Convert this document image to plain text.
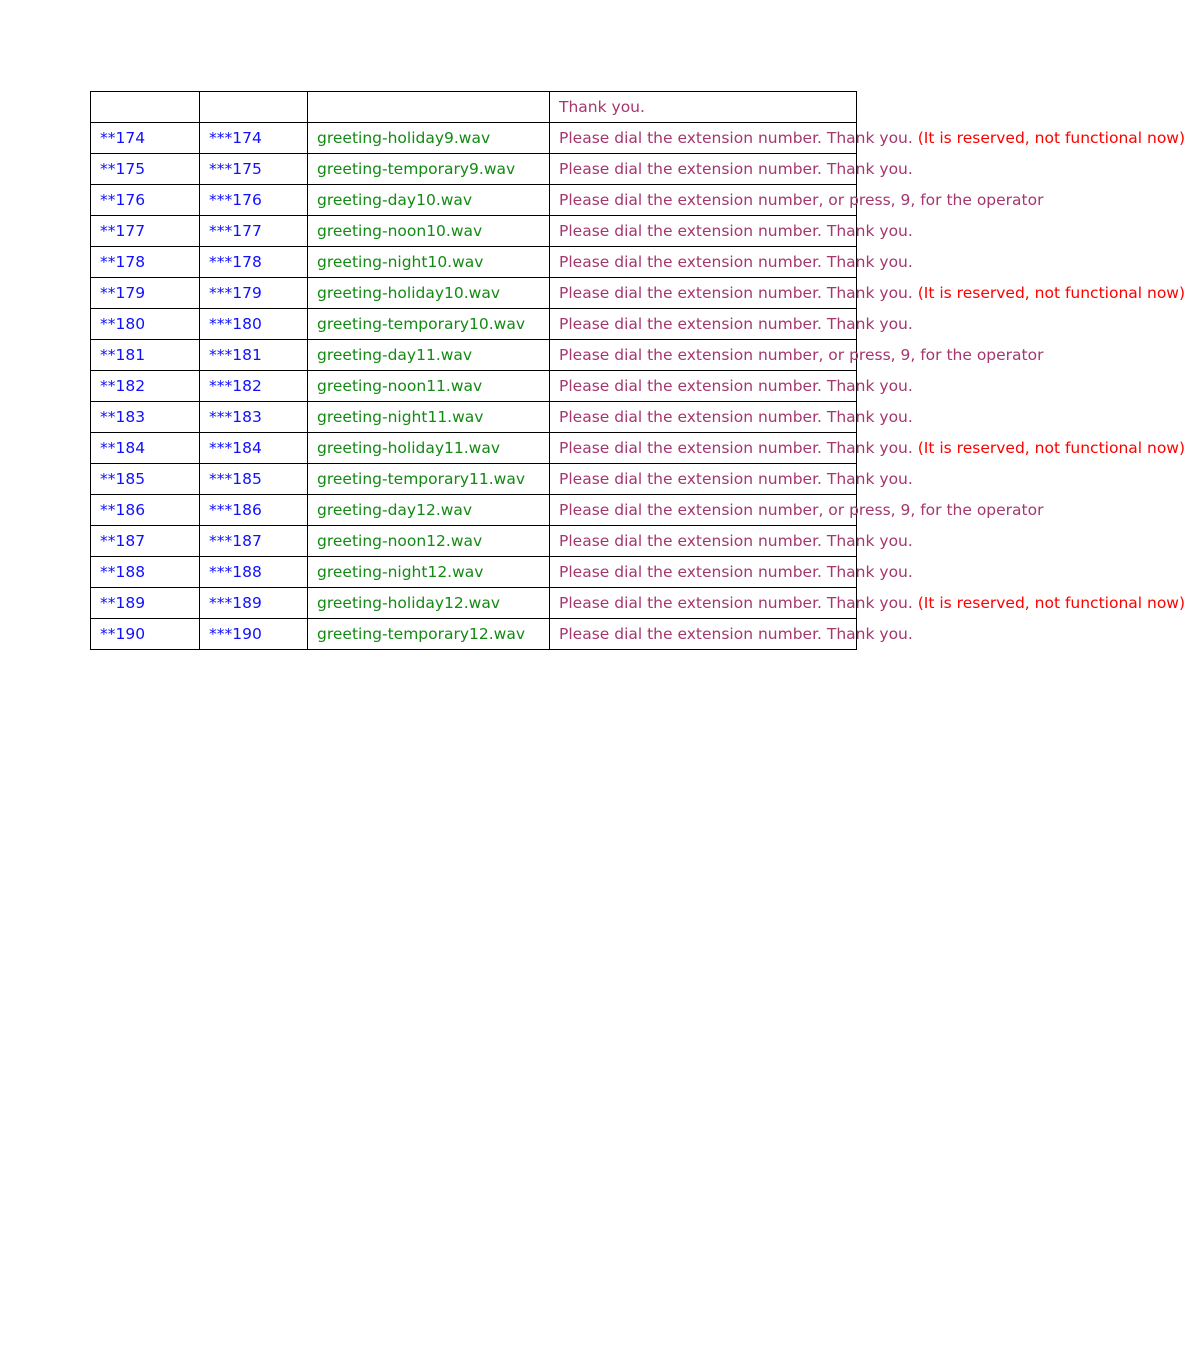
			Thank you.
**174	***174	greeting-holiday9.wav	Please dial the extension number. Thank you. (It is reserved, not functional now)
**175	***175	greeting-temporary9.wav	Please dial the extension number. Thank you.
**176	***176	greeting-day10.wav	Please dial the extension number, or press, 9, for the operator
**177	***177	greeting-noon10.wav	Please dial the extension number. Thank you.
**178	***178	greeting-night10.wav	Please dial the extension number. Thank you.
**179	***179	greeting-holiday10.wav	Please dial the extension number. Thank you. (It is reserved, not functional now)
**180	***180	greeting-temporary10.wav	Please dial the extension number. Thank you.
**181	***181	greeting-day11.wav	Please dial the extension number, or press, 9, for the operator
**182	***182	greeting-noon11.wav	Please dial the extension number. Thank you.
**183	***183	greeting-night11.wav	Please dial the extension number. Thank you.
**184	***184	greeting-holiday11.wav	Please dial the extension number. Thank you. (It is reserved, not functional now)
**185	***185	greeting-temporary11.wav	Please dial the extension number. Thank you.
**186	***186	greeting-day12.wav	Please dial the extension number, or press, 9, for the operator
**187	***187	greeting-noon12.wav	Please dial the extension number. Thank you.
**188	***188	greeting-night12.wav	Please dial the extension number. Thank you.
**189	***189	greeting-holiday12.wav	Please dial the extension number. Thank you. (It is reserved, not functional now)
**190	***190	greeting-temporary12.wav	Please dial the extension number. Thank you.
